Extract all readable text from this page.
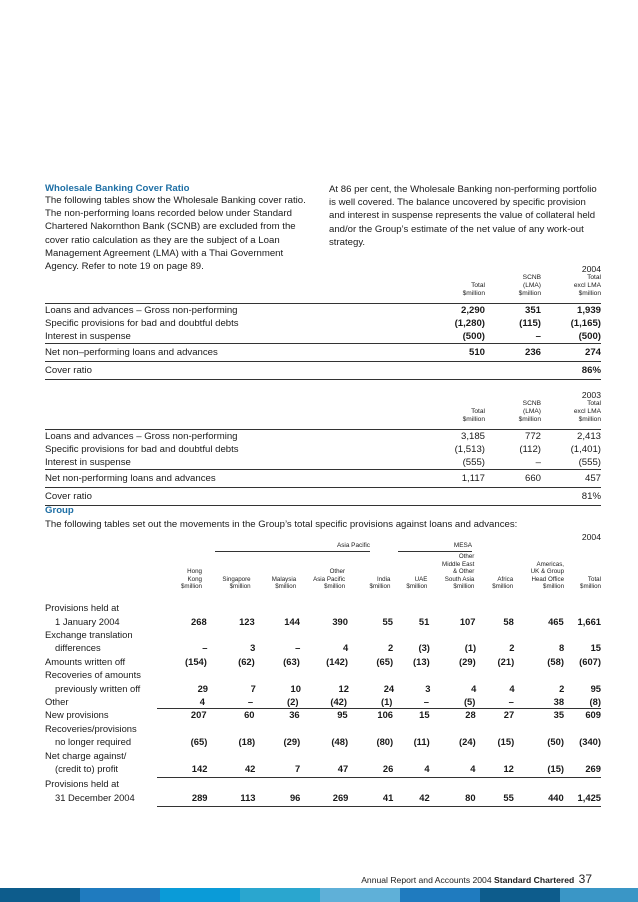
Wholesale Banking Cover Ratio
The following tables show the Wholesale Banking cover ratio. The non-performing loans recorded below under Standard Chartered Nakornthon Bank (SCNB) are excluded from the cover ratio calculation as they are the subject of a Loan Management Agreement (LMA) with a Thai Government Agency. Refer to note 19 on page 89.
At 86 per cent, the Wholesale Banking non-performing portfolio is well covered. The balance uncovered by specific provision and interest in suspense represents the value of collateral held and/or the Group’s estimate of the net value of any work-out strategy.
			2004
	Total
$million	SCNB
(LMA)
$million	Total
excl LMA
$million

Loans and advances – Gross non-performing	2,290	351	1,939
Specific provisions for bad and doubtful debts	(1,280)	(115)	(1,165)
Interest in suspense	(500)	–	(500)
Net non–performing loans and advances	510	236	274
Cover ratio			86%
			2003
	Total
$million	SCNB
(LMA)
$million	Total
excl LMA
$million

Loans and advances – Gross non-performing	3,185	772	2,413
Specific provisions for bad and doubtful debts	(1,513)	(112)	(1,401)
Interest in suspense	(555)	–	(555)
Net non-performing loans and advances	1,117	660	457
Cover ratio			81%
Group
The following tables set out the movements in the Group’s total specific provisions against loans and advances:
2004
Asia Pacific	MESA
	Hong
Kong
$million	Singapore
$million	Malaysia
$million	Other
Asia Pacific
$million	India
$million	UAE
$million	Other
Middle East
& Other
South Asia
$million	Africa
$million	Americas,
UK & Group
Head Office
$million	Total
$million

Provisions held at										
1 January 2004	268	123	144	390	55	51	107	58	465	1,661
Exchange translation										
differences	–	3	–	4	2	(3)	(1)	2	8	15
Amounts written off	(154)	(62)	(63)	(142)	(65)	(13)	(29)	(21)	(58)	(607)
Recoveries of amounts										
previously written off	29	7	10	12	24	3	4	4	2	95
Other	4	–	(2)	(42)	(1)	–	(5)	–	38	(8)
New provisions	207	60	36	95	106	15	28	27	35	609
Recoveries/provisions										
no longer required	(65)	(18)	(29)	(48)	(80)	(11)	(24)	(15)	(50)	(340)
Net charge against/										
(credit to) profit	142	42	7	47	26	4	4	12	(15)	269
Provisions held at										
31 December 2004	289	113	96	269	41	42	80	55	440	1,425
Annual Report and Accounts 2004 Standard Chartered 37
